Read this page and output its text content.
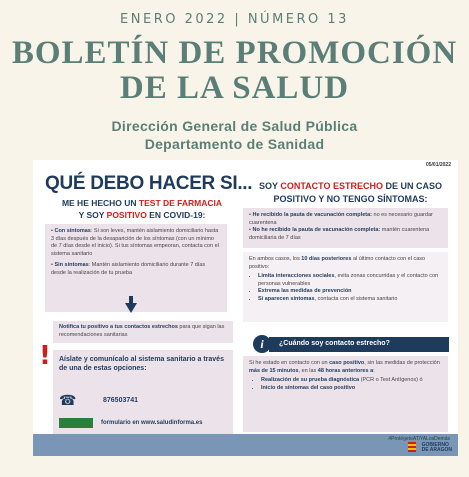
ENERO 2022 | NÚMERO 13
BOLETÍN DE PROMOCIÓN
DE LA SALUD
Dirección General de Salud Pública
Departamento de Sanidad
05/01/2022
QUÉ DEBO HACER SI...
ME HE HECHO UN TEST DE FARMACIA
Y SOY POSITIVO EN COVID-19:
SOY CONTACTO ESTRECHO DE UN CASO POSITIVO Y NO TENGO SÍNTOMAS:

• Con síntomas: Si son leves, mantén aislamiento domiciliario hasta 3 días después de la desaparición de los síntomas (con un mínimo de 7 días desde el inicio). Si tus síntomas empeoran, contacta con el sistema sanitario

• Sin síntomas: Mantén aislamiento domiciliario durante 7 días desde la realización de tu prueba

Notifica tu positivo a tus contactos estrechos para que sigan las recomendaciones sanitarias

! Aíslate y comunícalo al sistema sanitario a través de una de estas opciones:
☎	876503741
formulario en www.saludinforma.es

• He recibido la pauta de vacunación completa: no es necesario guardar cuarentena

• No he recibido la pauta de vacunación completa: mantén cuarentena domiciliaria de 7 días

En ambos casos, los 10 días posteriores al último contacto con el caso positivo:

• Limita interacciones sociales, evita zonas concurridas y el contacto con personas vulnerables
• Extrema las medidas de prevención
• Si aparecen síntomas, contacta con el sistema sanitario
¿Cuándo soy contacto estrecho?
i

Si he estado en contacto con un caso positivo, sin las medidas de protección más de 15 minutos, en las 48 horas anteriores a:

• Realización de su prueba diagnóstica (PCR o Test Antígenos) ó
• Inicio de síntomas del caso positivo
#ProtégeteATiYALosDemás
GOBIERNO
DE ARAGON
